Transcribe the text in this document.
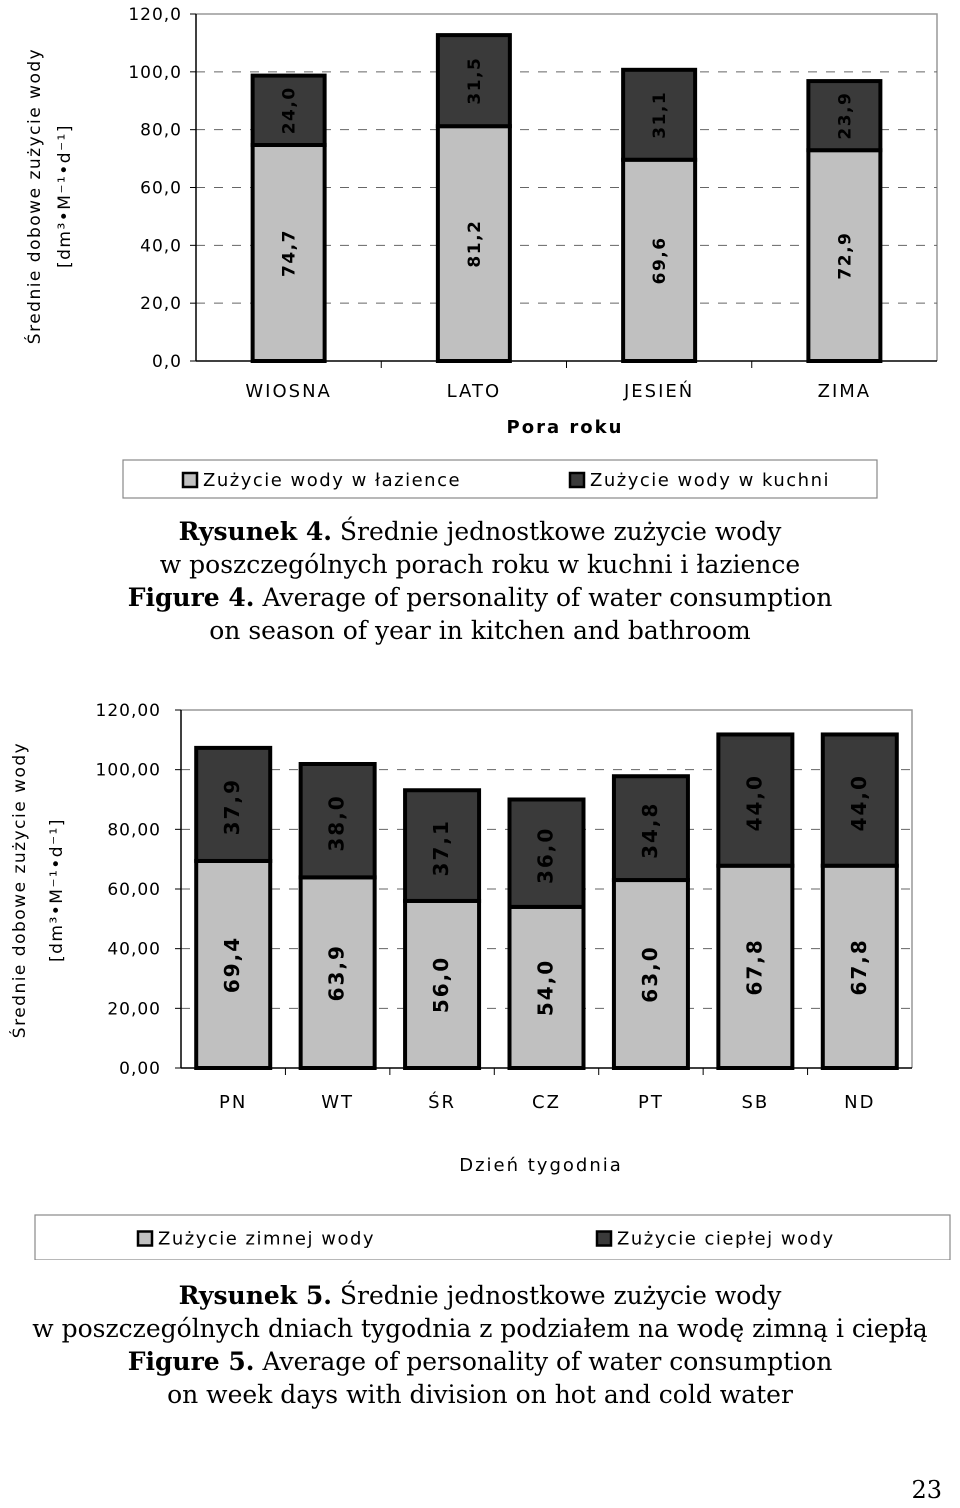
0,0
20,0
40,0
60,0
80,0
100,0
120,0
74,7
24,0
WIOSNA
81,2
31,5
LATO
69,6
31,1
JESIEŃ
72,9
23,9
ZIMA
Pora roku
Średnie dobowe zużycie wody [dm³•M⁻¹•d⁻¹]
Zużycie wody w łazience	Zużycie wody w kuchni
0,00
20,00
40,00
60,00
80,00
100,00
120,00
69,4
37,9
PN
63,9
38,0
WT
56,0
37,1
ŚR
54,0
36,0
CZ
63,0
34,8
PT
67,8
44,0
SB
67,8
44,0
ND
Dzień tygodnia
Średnie dobowe zużycie wody [dm³•M⁻¹•d⁻¹]
Zużycie zimnej wody	Zużycie ciepłej wody
Rysunek 4. Średnie jednostkowe zużycie wody
w poszczególnych porach roku w kuchni i łazience
Figure 4. Average of personality of water consumption
on season of year in kitchen and bathroom
Rysunek 5. Średnie jednostkowe zużycie wody
w poszczególnych dniach tygodnia z podziałem na wodę zimną i ciepłą
Figure 5. Average of personality of water consumption
on week days with division on hot and cold water
23
